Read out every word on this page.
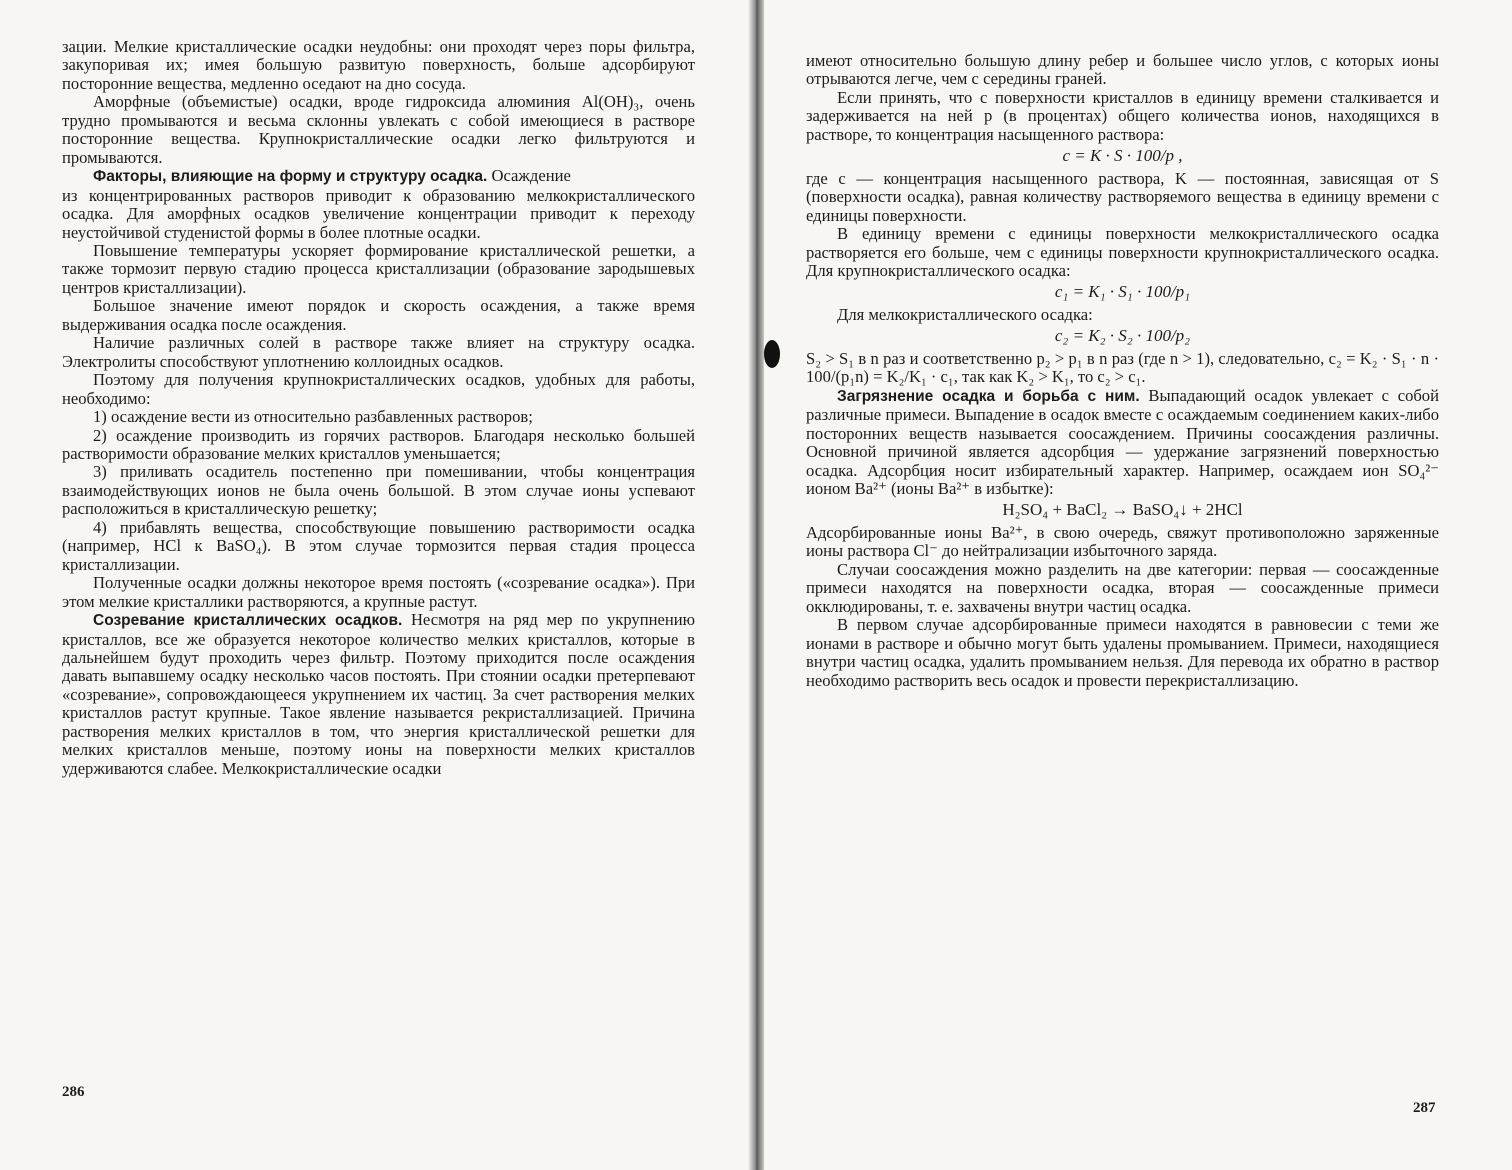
зации. Мелкие кристаллические осадки неудобны: они проходят через поры фильтра, закупоривая их; имея большую развитую поверхность, больше адсорбируют посторонние вещества, медленно оседают на дно сосуда.

Аморфные (объемистые) осадки, вроде гидроксида алюминия Al(OH)₃, очень трудно промываются и весьма склонны увлекать с собой имеющиеся в растворе посторонние вещества. Крупнокристаллические осадки легко фильтруются и промываются.

Факторы, влияющие на форму и структуру осадка. Осаждение

из концентрированных растворов приводит к образованию мелкокристаллического осадка. Для аморфных осадков увеличение концентрации приводит к переходу неустойчивой студенистой формы в более плотные осадки.

Повышение температуры ускоряет формирование кристаллической решетки, а также тормозит первую стадию процесса кристаллизации (образование зародышевых центров кристаллизации).

Большое значение имеют порядок и скорость осаждения, а также время выдерживания осадка после осаждения.

Наличие различных солей в растворе также влияет на структуру осадка. Электролиты способствуют уплотнению коллоидных осадков.

Поэтому для получения крупнокристаллических осадков, удобных для работы, необходимо:

1) осаждение вести из относительно разбавленных растворов;

2) осаждение производить из горячих растворов. Благодаря несколько большей растворимости образование мелких кристаллов уменьшается;

3) приливать осадитель постепенно при помешивании, чтобы концентрация взаимодействующих ионов не была очень большой. В этом случае ионы успевают расположиться в кристаллическую решетку;

4) прибавлять вещества, способствующие повышению растворимости осадка (например, HCl к BaSO₄). В этом случае тормозится первая стадия процесса кристаллизации.

Полученные осадки должны некоторое время постоять («созревание осадка»). При этом мелкие кристаллики растворяются, а крупные растут.

Созревание кристаллических осадков. Несмотря на ряд мер по укрупнению кристаллов, все же образуется некоторое количество мелких кристаллов, которые в дальнейшем будут проходить через фильтр. Поэтому приходится после осаждения давать выпавшему осадку несколько часов постоять. При стоянии осадки претерпевают «созревание», сопровождающееся укрупнением их частиц. За счет растворения мелких кристаллов растут крупные. Такое явление называется рекристаллизацией. Причина растворения мелких кристаллов в том, что энергия кристаллической решетки для мелких кристаллов меньше, поэтому ионы на поверхности мелких кристаллов удерживаются слабее. Мелкокристаллические осадки

286

имеют относительно большую длину ребер и большее число углов, с которых ионы отрываются легче, чем с середины граней.

Если принять, что с поверхности кристаллов в единицу времени сталкивается и задерживается на ней p (в процентах) общего количества ионов, находящихся в растворе, то концентрация насыщенного раствора:

c = K · S · 100/p ,

где c — концентрация насыщенного раствора, K — постоянная, зависящая от S (поверхности осадка), равная количеству растворяемого вещества в единицу времени с единицы поверхности.

В единицу времени с единицы поверхности мелкокристаллического осадка растворяется его больше, чем с единицы поверхности крупнокристаллического осадка. Для крупнокристаллического осадка:

c₁ = K₁ · S₁ · 100/p₁

Для мелкокристаллического осадка:

c₂ = K₂ · S₂ · 100/p₂

S₂ > S₁ в n раз и соответственно p₂ > p₁ в n раз (где n > 1), следовательно, c₂ = K₂ · S₁ · n · 100/(p₁n) = K₂/K₁ · c₁, так как K₂ > K₁, то c₂ > c₁.

Загрязнение осадка и борьба с ним. Выпадающий осадок увлекает с собой различные примеси. Выпадение в осадок вместе с осаждаемым соединением каких-либо посторонних веществ называется соосаждением. Причины соосаждения различны. Основной причиной является адсорбция — удержание загрязнений поверхностью осадка. Адсорбция носит избирательный характер. Например, осаждаем ион SO₄²⁻ ионом Ba²⁺ (ионы Ba²⁺ в избытке):

H₂SO₄ + BaCl₂ → BaSO₄↓ + 2HCl

Адсорбированные ионы Ba²⁺, в свою очередь, свяжут противоположно заряженные ионы раствора Cl⁻ до нейтрализации избыточного заряда.

Случаи соосаждения можно разделить на две категории: первая — соосажденные примеси находятся на поверхности осадка, вторая — соосажденные примеси окклюдированы, т. е. захвачены внутри частиц осадка.

В первом случае адсорбированные примеси находятся в равновесии с теми же ионами в растворе и обычно могут быть удалены промыванием. Примеси, находящиеся внутри частиц осадка, удалить промыванием нельзя. Для перевода их обратно в раствор необходимо растворить весь осадок и провести перекристаллизацию.

287
